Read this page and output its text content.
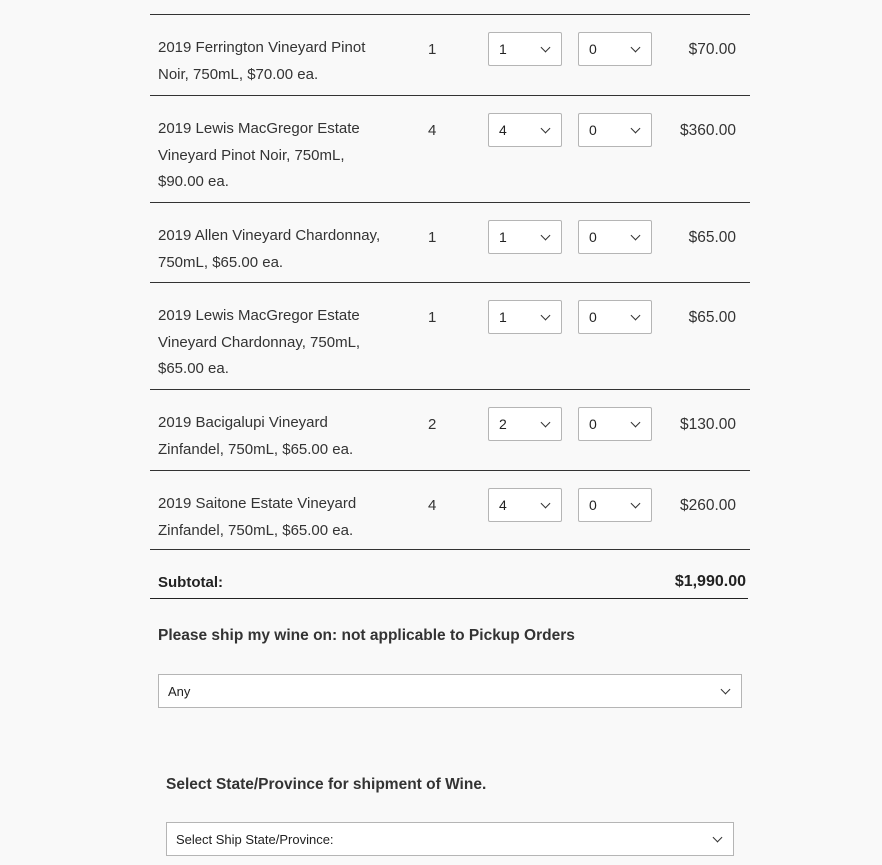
2019 Ferrington Vineyard Pinot Noir, 750mL, $70.00 ea.
1	1	0	$70.00
2019 Lewis MacGregor Estate Vineyard Pinot Noir, 750mL, $90.00 ea.
4	4	0	$360.00
2019 Allen Vineyard Chardonnay, 750mL, $65.00 ea.
1	1	0	$65.00
2019 Lewis MacGregor Estate Vineyard Chardonnay, 750mL, $65.00 ea.
1	1	0	$65.00
2019 Bacigalupi Vineyard Zinfandel, 750mL, $65.00 ea.
2	2	0	$130.00
2019 Saitone Estate Vineyard Zinfandel, 750mL, $65.00 ea.
4	4	0	$260.00
Subtotal:	$1,990.00
Please ship my wine on: not applicable to Pickup Orders
Any
Select State/Province for shipment of Wine.
Select Ship State/Province:
